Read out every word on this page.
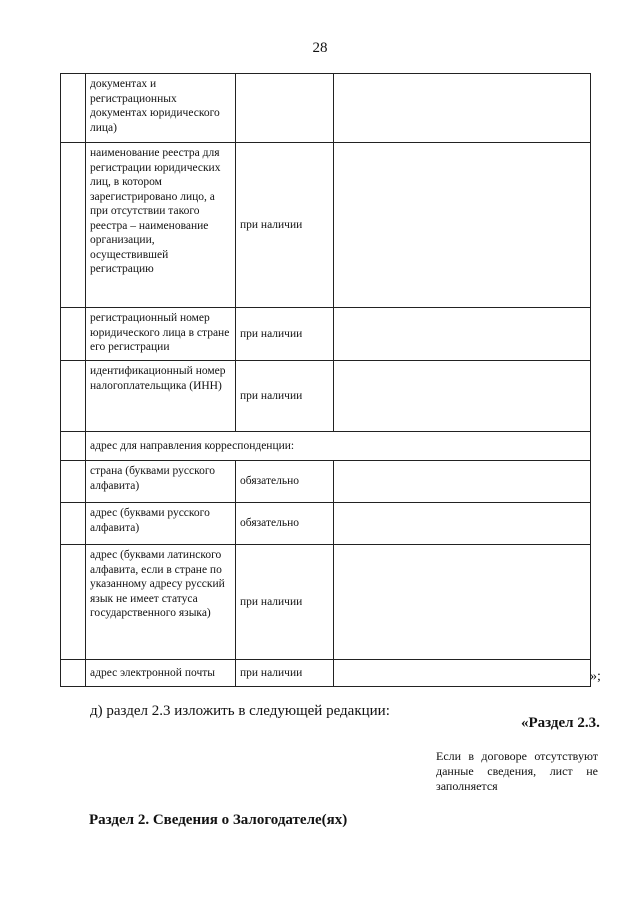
28
	документах и регистрационных документах юридического лица)		
	наименование реестра для регистрации юридических лиц, в котором зарегистрировано лицо, а при отсутствии такого реестра – наименование организации, осуществившей регистрацию	при наличии	
	регистрационный номер юридического лица в стране его регистрации	при наличии	
	идентификационный номер налогоплательщика (ИНН)	при наличии	
	адрес для направления корреспонденции:		
	страна (буквами русского алфавита)	обязательно	
	адрес (буквами русского алфавита)	обязательно	
	адрес (буквами латинского алфавита, если в стране по указанному адресу русский язык не имеет статуса государственного языка)	при наличии	
	адрес электронной почты	при наличии		»;
д) раздел 2.3 изложить в следующей редакции:
«Раздел 2.3.
Если в договоре отсутствуют данные сведения, лист не заполняется
Раздел 2. Сведения о Залогодателе(ях)
